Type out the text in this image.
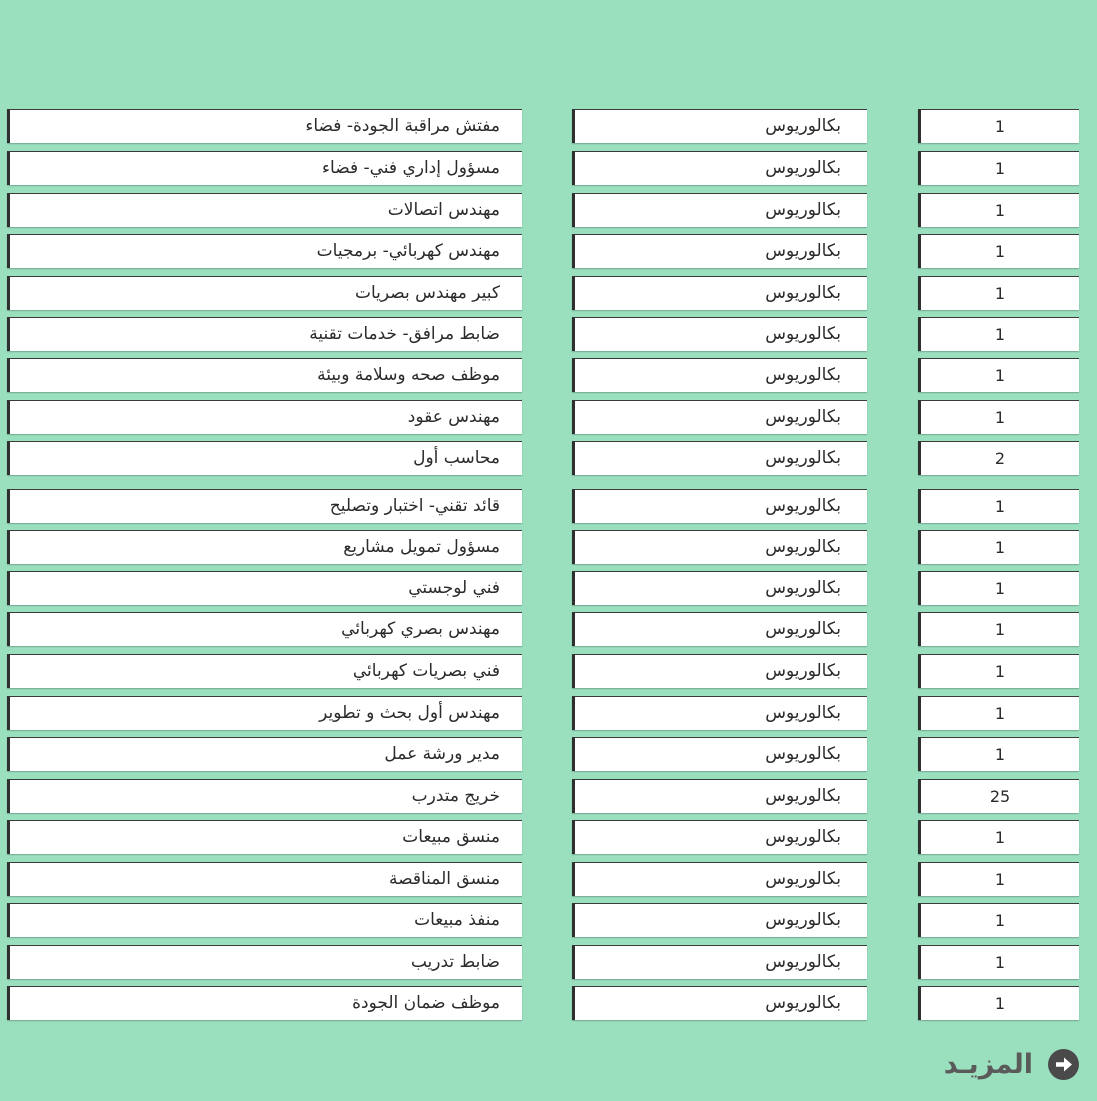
مفتش مراقبة الجودة- فضاء	بكالوريوس	1
مسؤول إداري فني- فضاء	بكالوريوس	1
مهندس اتصالات	بكالوريوس	1
مهندس كهربائي- برمجيات	بكالوريوس	1
كبير مهندس بصريات	بكالوريوس	1
ضابط مرافق- خدمات تقنية	بكالوريوس	1
موظف صحه وسلامة وبيئة	بكالوريوس	1
مهندس عقود	بكالوريوس	1
محاسب أول	بكالوريوس	2
قائد تقني- اختبار وتصليح	بكالوريوس	1
مسؤول تمويل مشاريع	بكالوريوس	1
فني لوجستي	بكالوريوس	1
مهندس بصري كهربائي	بكالوريوس	1
فني بصريات كهربائي	بكالوريوس	1
مهندس أول بحث و تطوير	بكالوريوس	1
مدير ورشة عمل	بكالوريوس	1
خريج متدرب	بكالوريوس	25
منسق مبيعات	بكالوريوس	1
منسق المناقصة	بكالوريوس	1
منفذ مبيعات	بكالوريوس	1
ضابط تدريب	بكالوريوس	1
موظف ضمان الجودة	بكالوريوس	1
المزيـد
